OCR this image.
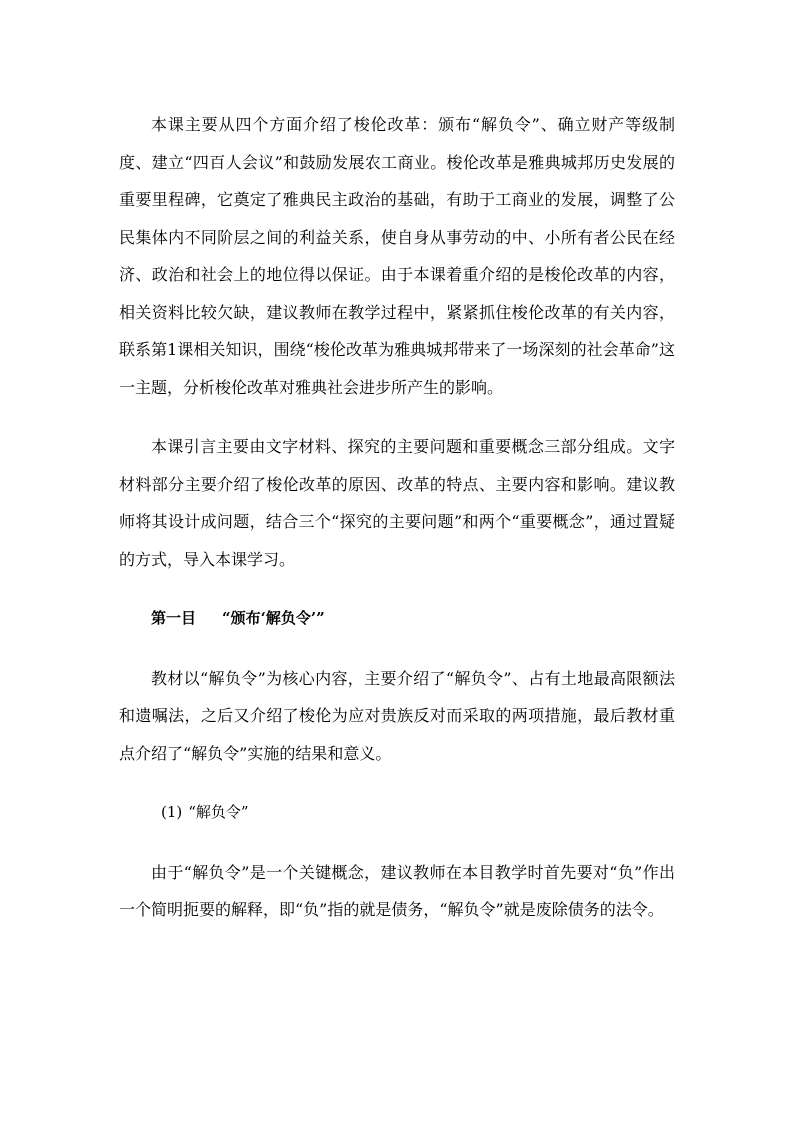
本课主要从四个方面介绍了梭伦改革：颁布“解负令”、确立财产等级制度、建立“四百人会议”和鼓励发展农工商业。梭伦改革是雅典城邦历史发展的重要里程碑，它奠定了雅典民主政治的基础，有助于工商业的发展，调整了公民集体内不同阶层之间的利益关系，使自身从事劳动的中、小所有者公民在经济、政治和社会上的地位得以保证。由于本课着重介绍的是梭伦改革的内容，相关资料比较欠缺，建议教师在教学过程中，紧紧抓住梭伦改革的有关内容，联系第1课相关知识，围绕“梭伦改革为雅典城邦带来了一场深刻的社会革命”这一主题，分析梭伦改革对雅典社会进步所产生的影响。

本课引言主要由文字材料、探究的主要问题和重要概念三部分组成。文字材料部分主要介绍了梭伦改革的原因、改革的特点、主要内容和影响。建议教师将其设计成问题，结合三个“探究的主要问题”和两个“重要概念”，通过置疑的方式，导入本课学习。

第一目 “颁布‘解负令’”

教材以“解负令”为核心内容，主要介绍了“解负令”、占有土地最高限额法和遗嘱法，之后又介绍了梭伦为应对贵族反对而采取的两项措施，最后教材重点介绍了“解负令”实施的结果和意义。

(1) “解负令”

由于“解负令”是一个关键概念，建议教师在本目教学时首先要对“负”作出一个简明扼要的解释，即“负”指的就是债务，“解负令”就是废除债务的法令。
